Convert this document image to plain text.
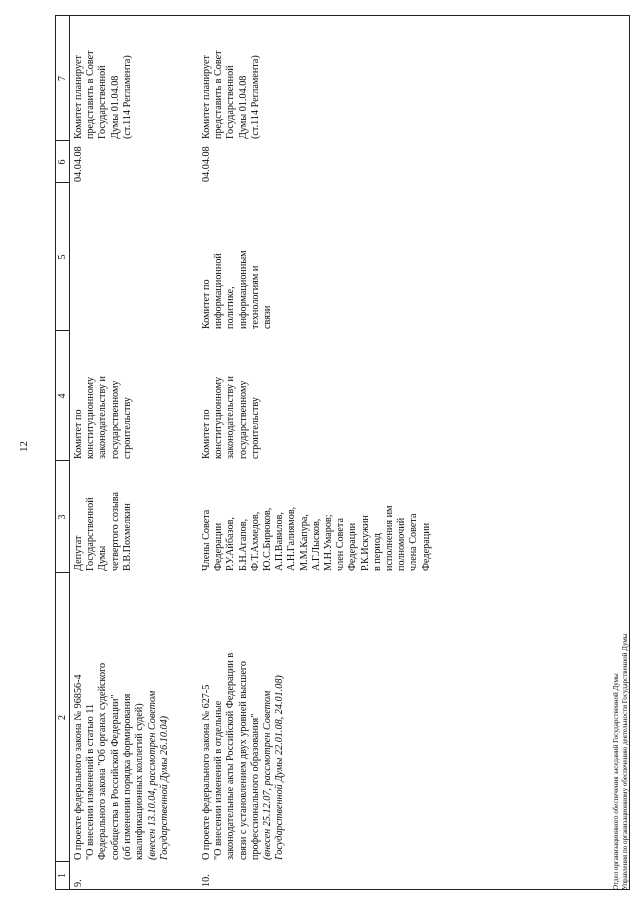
12
1
2
3
4
5
6
7
9.
О проекте федерального закона № 96856-4
"О внесении изменений в статью 11
Федерального закона "Об органах судейского
сообщества в Российской Федерации"
(об изменении порядка формирования
квалификационных коллегий судей)
(внесен 13.10.04, рассмотрен Советом
Государственной Думы 26.10.04)
Депутат
Государственной
Думы
четвертого созыва
В.В.Похмелкин
Комитет по
конституционному
законодательству и
государственному
строительству
04.04.08
Комитет планирует
представить в Совет
Государственной
Думы 01.04.08
(ст.114 Регламента)
10.
О проекте федерального закона № 627-5
"О внесении изменений в отдельные
законодательные акты Российской Федерации в
связи с установлением двух уровней высшего
профессионального образования"
(внесен 25.12.07, рассмотрен Советом
Государственной Думы 22.01.08, 24.01.08)
Члены Совета
Федерации
Р.У.Айбазов,
Б.Н.Агапов,
Ф.Т.Ахмедов,
Ю.С.Бирюков,
А.П.Вавилов,
А.Н.Галиямов,
М.М.Капура,
А.Г.Лысков,
М.Н.Умаров;
член Совета
Федерации
Р.К.Искужин
в период
исполнения им
полномочий
члена Совета
Федерации
Комитет по
конституционному
законодательству и
государственному
строительству
Комитет по
информационной
политике,
информационным
технологиям и
связи
04.04.08
Комитет планирует
представить в Совет
Государственной
Думы 01.04.08
(ст.114 Регламента)
Отдел организационного обеспечения заседаний Государственной Думы Управления по организационному обеспечению деятельности Государственной Думы
